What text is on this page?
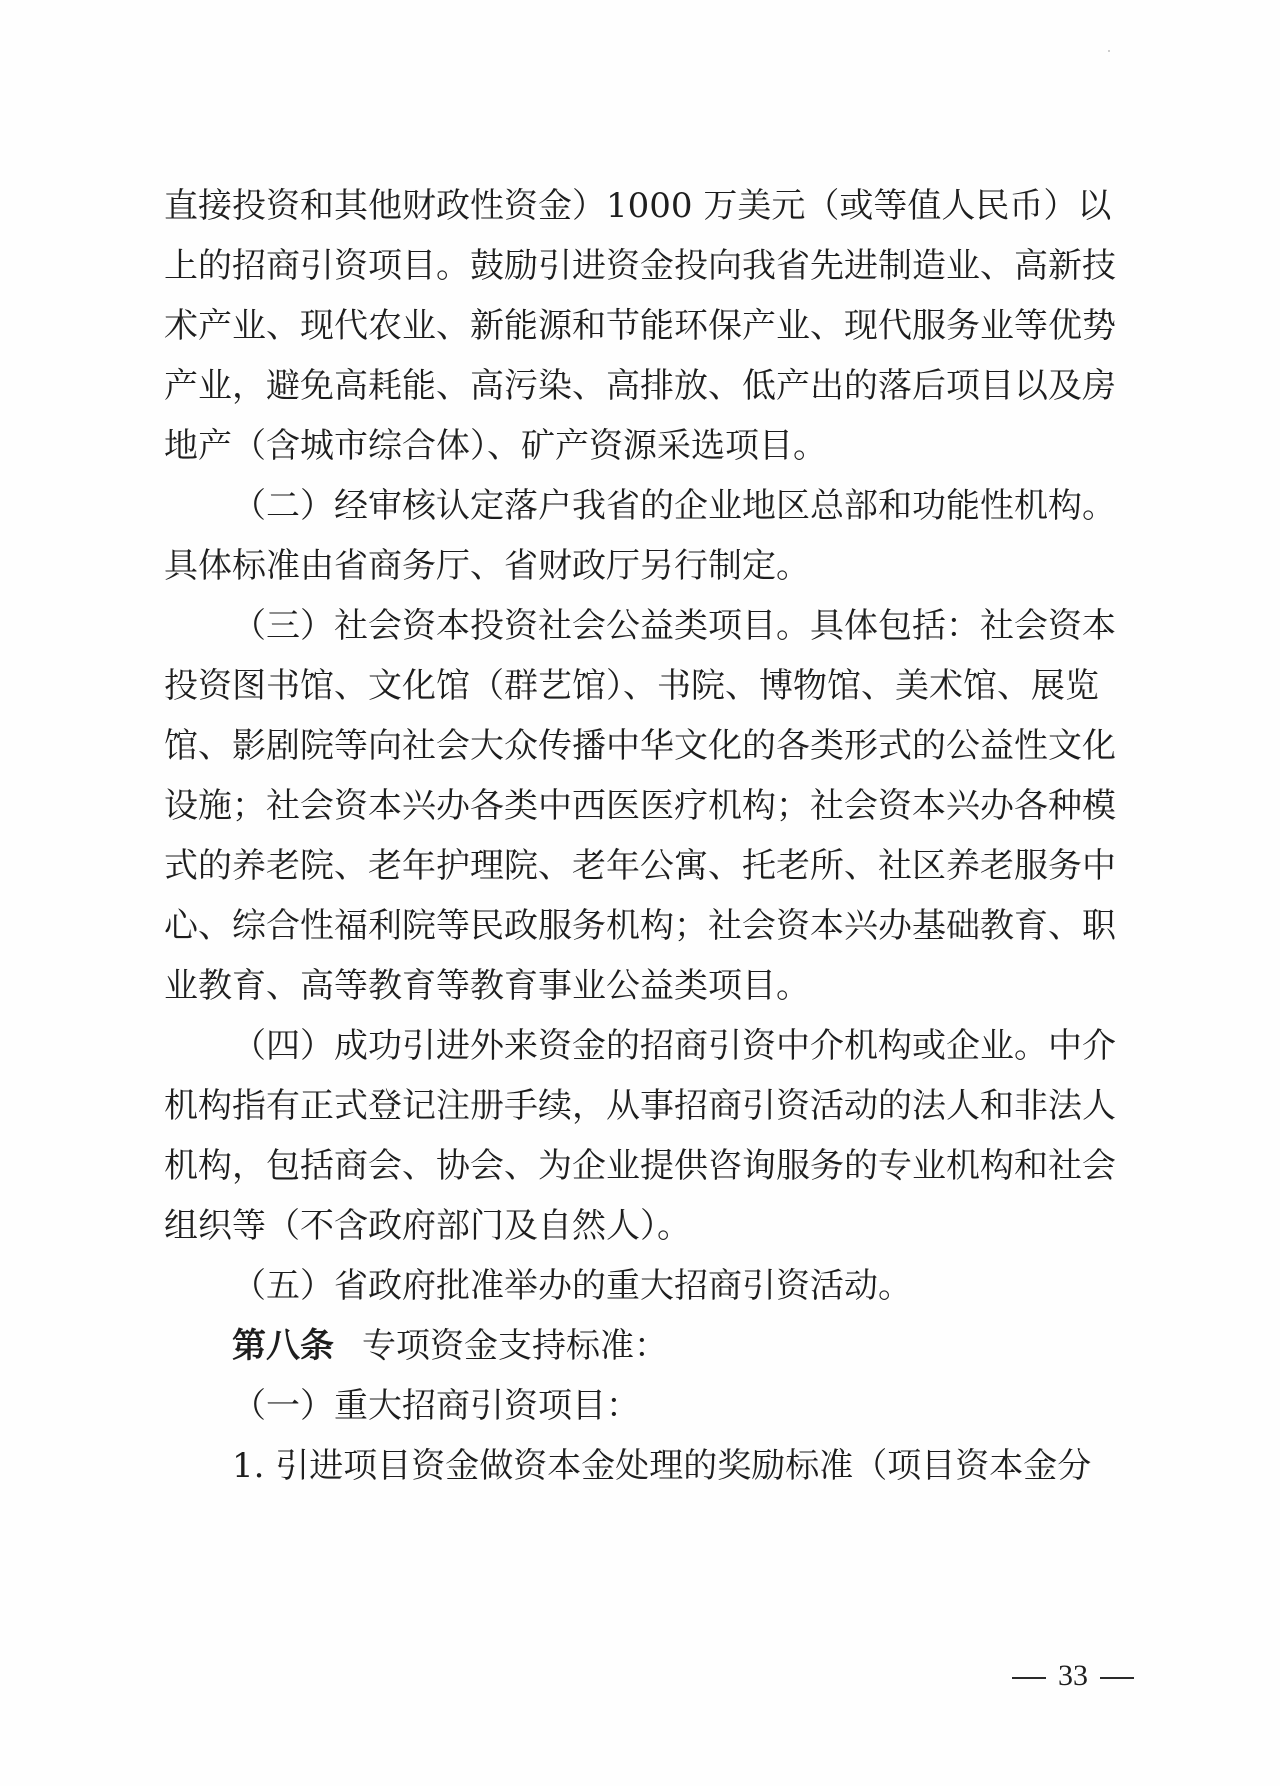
直接投资和其他财政性资金）1000 万美元（或等值人民币）以

上的招商引资项目。鼓励引进资金投向我省先进制造业、高新技

术产业、现代农业、新能源和节能环保产业、现代服务业等优势

产业，避免高耗能、高污染、高排放、低产出的落后项目以及房

地产（含城市综合体）、矿产资源采选项目。

（二）经审核认定落户我省的企业地区总部和功能性机构。

具体标准由省商务厅、省财政厅另行制定。

（三）社会资本投资社会公益类项目。具体包括：社会资本

投资图书馆、文化馆（群艺馆）、书院、博物馆、美术馆、展览

馆、影剧院等向社会大众传播中华文化的各类形式的公益性文化

设施；社会资本兴办各类中西医医疗机构；社会资本兴办各种模

式的养老院、老年护理院、老年公寓、托老所、社区养老服务中

心、综合性福利院等民政服务机构；社会资本兴办基础教育、职

业教育、高等教育等教育事业公益类项目。

（四）成功引进外来资金的招商引资中介机构或企业。中介

机构指有正式登记注册手续，从事招商引资活动的法人和非法人

机构，包括商会、协会、为企业提供咨询服务的专业机构和社会

组织等（不含政府部门及自然人）。

（五）省政府批准举办的重大招商引资活动。

第八条 专项资金支持标准：

（一）重大招商引资项目：

1. 引进项目资金做资本金处理的奖励标准（项目资本金分

33
